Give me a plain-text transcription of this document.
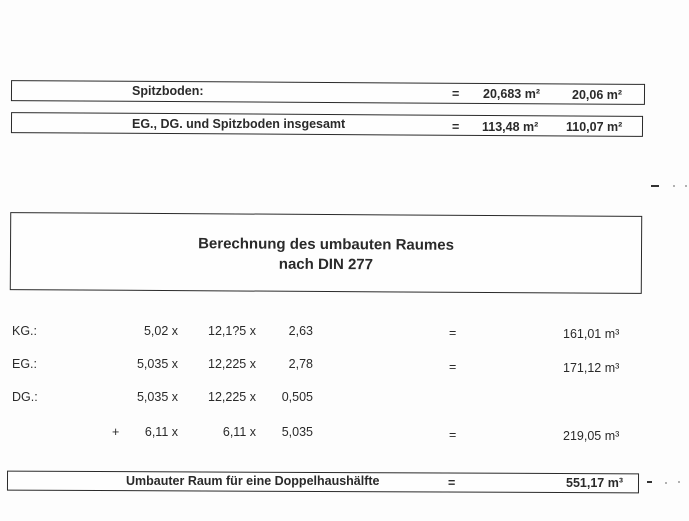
Spitzboden:	= 20,683 m²	20,06 m²
EG., DG. und Spitzboden insgesamt	= 113,48 m² 110,07 m²
Berechnung des umbauten Raumes
nach DIN 277
KG.:	5,02 x	12,1?5 x	2,63	=	161,01 m³
EG.:	5,035 x	12,225 x	2,78	=	171,12 m³
DG.:	5,035 x	12,225 x	0,505
+	6,11 x	6,11 x	5,035	=	219,05 m³
Umbauter Raum für eine Doppelhaushälfte	=	551,17 m³
